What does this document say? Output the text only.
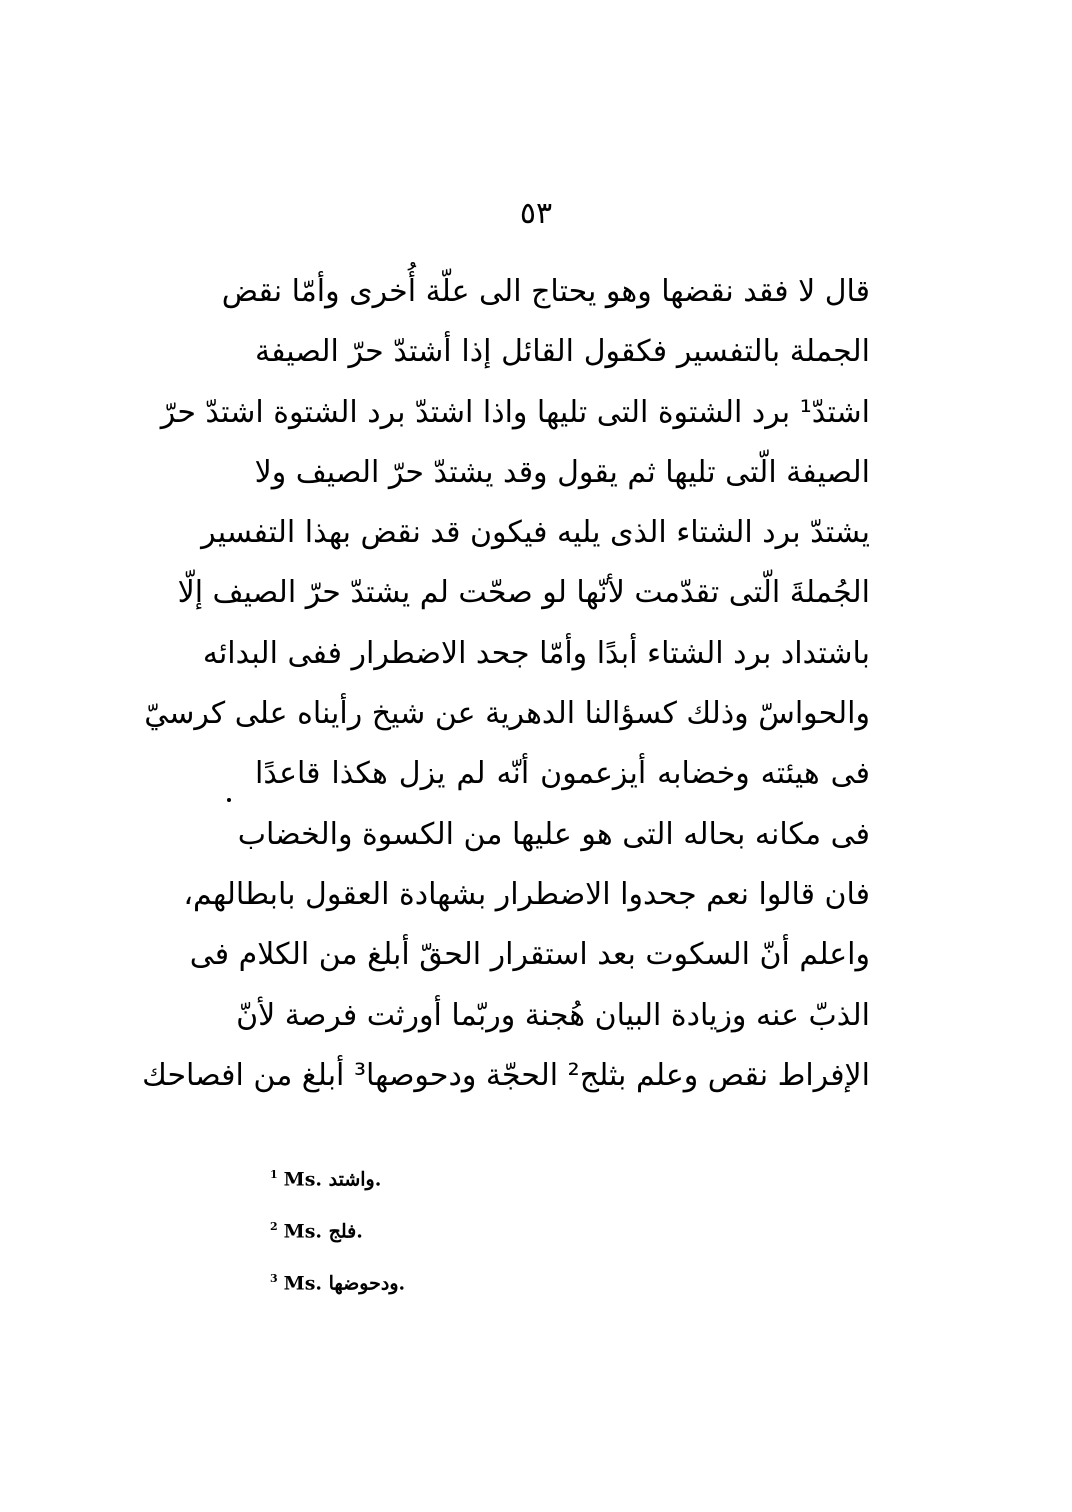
٥٣
قال لا فقد نقضها وهو يحتاج الى علّة أُخرى وأمّا نقض
الجملة بالتفسير فكقول القائل إذا أشتدّ حرّ الصيفة
اشتدّ¹ برد الشتوة التى تليها واذا اشتدّ برد الشتوة اشتدّ حرّ
الصيفة الّتى تليها ثم يقول وقد يشتدّ حرّ الصيف ولا
يشتدّ برد الشتاء الذى يليه فيكون قد نقض بهذا التفسير
الجُملةَ الّتى تقدّمت لأنّها لو صحّت لم يشتدّ حرّ الصيف إلّا
باشتداد برد الشتاء أبدًا وأمّا جحد الاضطرار ففى البدائه
والحواسّ وذلك كسؤالنا الدهرية عن شيخ رأيناه على كرسيّ
فى هيئته وخضابه أيزعمون أنّه لم يزل هكذا قاعدًا
فى مكانه بحاله التى هو عليها من الكسوة والخضاب
فان قالوا نعم جحدوا الاضطرار بشهادة العقول بابطالهم،
واعلم أنّ السكوت بعد استقرار الحقّ أبلغ من الكلام فى
الذبّ عنه وزيادة البيان هُجنة وربّما أورثت فرصة لأنّ
الإفراط نقص وعلم بثلج² الحجّة ودحوصها³ أبلغ من افصاحك
$^1$ Ms. واشتد.
$^2$ Ms. فلج.
$^3$ Ms. ودحوضها.
